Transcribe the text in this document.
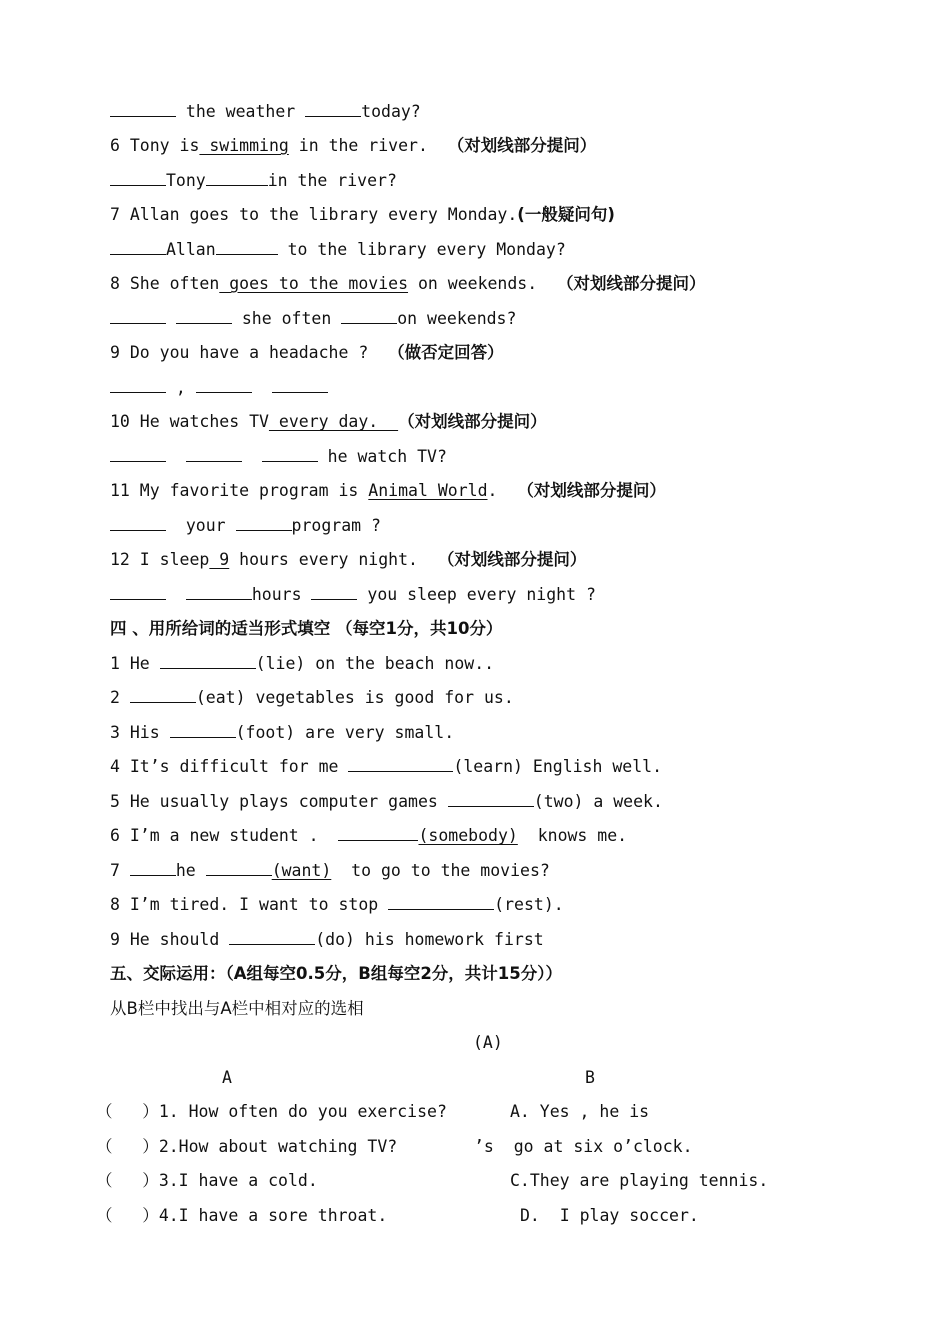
the weather	today?
6 Tony is swimming in the river.  （对划线部分提问）
Tony	in the river?
7 Allan goes to the library every Monday.(一般疑问句)
Allan	to the library every Monday?
8 She often goes to the movies on weekends.  （对划线部分提问）
she often	on weekends?
9 Do you have a headache ?  （做否定回答）
,
10 He watches TV every day.  （对划线部分提问）
he watch TV?
11 My favorite program is Animal World.  （对划线部分提问）
your	program ?
12 I sleep 9 hours every night.  （对划线部分提问）
hours	you sleep every night ?
四 、用所给词的适当形式填空 （每空1分，共10分）
1 He	(lie) on the beach now..
2	(eat) vegetables is good for us.
3 His	(foot) are very small.
4 It’s difficult for me	(learn) English well.
5 He usually plays computer games	(two) a week.
6 I’m a new student .	(somebody)  knows me.
7	he	(want)  to go to the movies?
8 I’m tired. I want to stop	(rest).
9 He should	(do) his homework first
五、交际运用：（A组每空0.5分，B组每空2分，共计15分））
从B栏中找出与A栏中相对应的选相
(A)
A	B
（   ）1. How often do you exercise?	A. Yes , he is
（   ）2.How about watching TV?	’s  go at six o’clock.
（   ）3.I have a cold.	C.They are playing tennis.
（   ）4.I have a sore throat.	D.  I play soccer.
